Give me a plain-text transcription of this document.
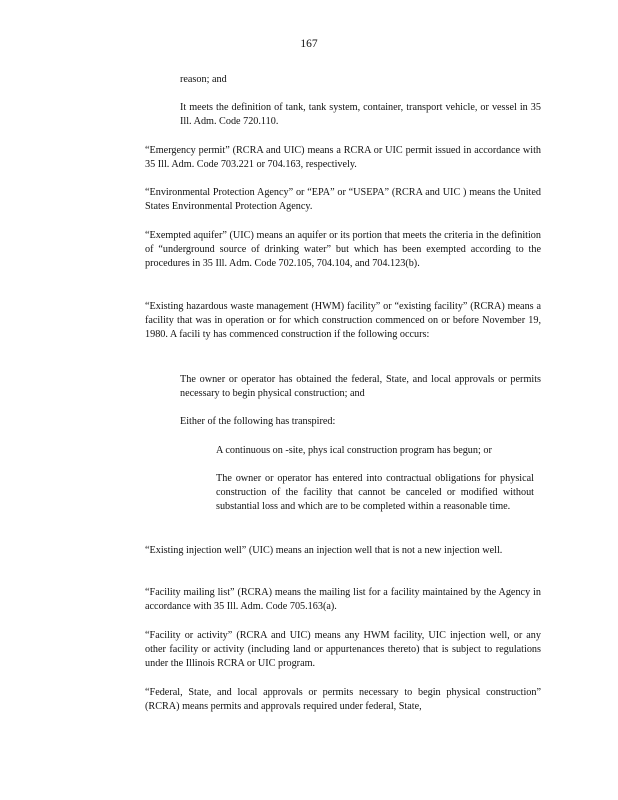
167
reason; and
It meets the definition of tank, tank system, container, transport vehicle, or vessel in 35 Ill. Adm. Code 720.110.
“Emergency permit” (RCRA and UIC) means a RCRA or UIC permit issued in accordance with 35 Ill. Adm. Code 703.221 or 704.163, respectively.
“Environmental Protection Agency” or “EPA” or “USEPA” (RCRA and UIC ) means the United States Environmental Protection Agency.
“Exempted aquifer” (UIC) means an aquifer or its portion that meets the criteria in the definition of “underground source of drinking water” but which has been exempted according to the procedures in 35 Ill. Adm. Code 702.105, 704.104, and 704.123(b).
“Existing hazardous waste management (HWM) facility” or “existing facility” (RCRA) means a facility that was in operation or for which construction commenced on or before November 19, 1980. A facili ty has commenced construction if the following occurs:
The owner or operator has obtained the federal, State, and local approvals or permits necessary to begin physical construction; and
Either of the following has transpired:
A continuous on -site, phys ical construction program has begun; or
The owner or operator has entered into contractual obligations for physical construction of the facility that cannot be canceled or modified without substantial loss and which are to be completed within a reasonable time.
“Existing injection well” (UIC) means an injection well that is not a new injection well.
“Facility mailing list” (RCRA) means the mailing list for a facility maintained by the Agency in accordance with 35 Ill. Adm. Code 705.163(a).
“Facility or activity” (RCRA and UIC) means any HWM facility, UIC injection well, or any other facility or activity (including land or appurtenances thereto) that is subject to regulations under the Illinois RCRA or UIC program.
“Federal, State, and local approvals or permits necessary to begin physical construction” (RCRA) means permits and approvals required under federal, State,
